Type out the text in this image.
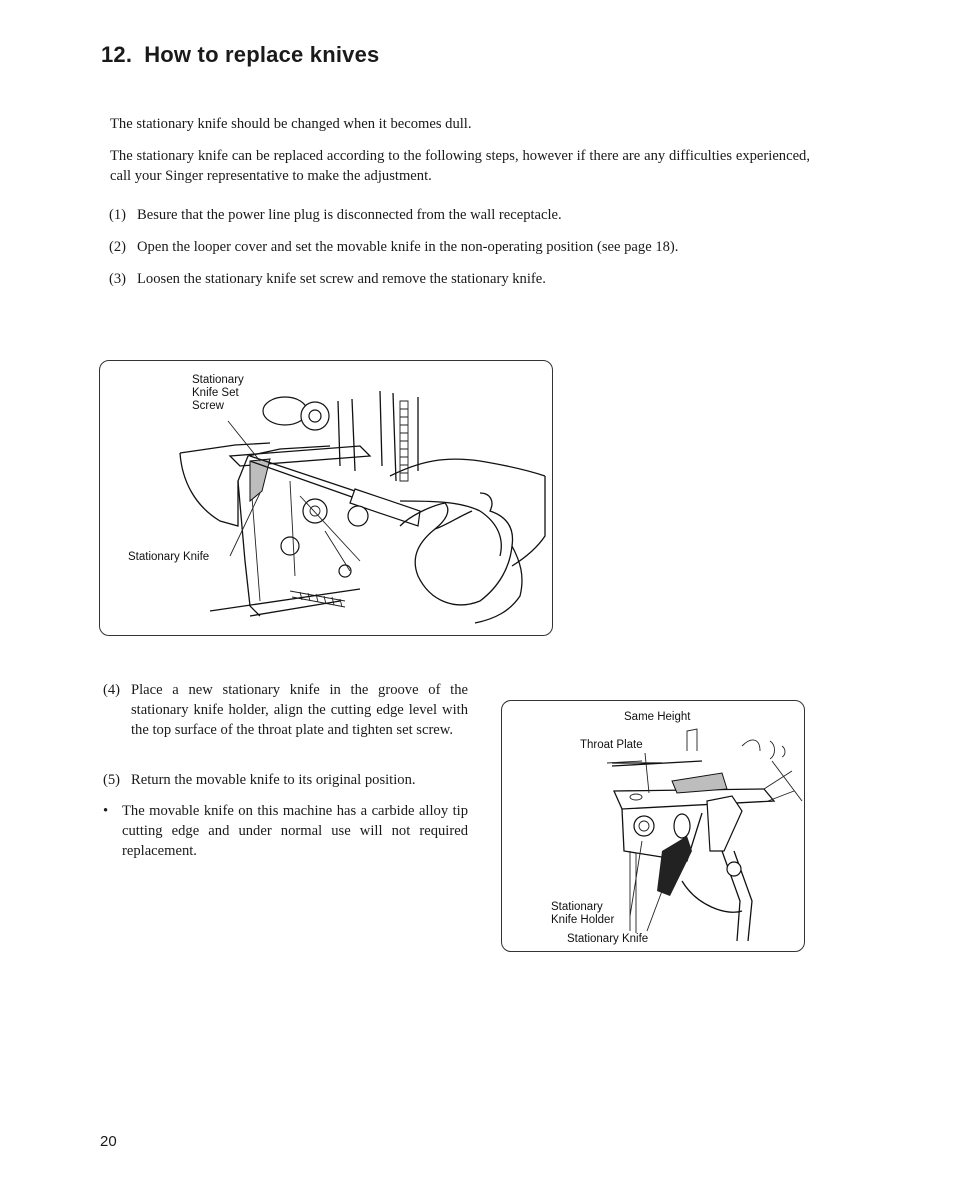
12. How to replace knives
The stationary knife should be changed when it becomes dull.
The stationary knife can be replaced according to the following steps, however if there are any difficulties experienced, call your Singer representative to make the adjustment.
(1) Besure that the power line plug is disconnected from the wall receptacle.
(2) Open the looper cover and set the movable knife in the non-operating position (see page 18).
(3) Loosen the stationary knife set screw and remove the stationary knife.
Stationary
Knife Set
Screw
Stationary Knife
(4) Place a new stationary knife in the groove of the stationary knife holder, align the cutting edge level with the top surface of the throat plate and tighten set screw.
(5) Return the movable knife to its original position.
• The movable knife on this machine has a carbide alloy tip cutting edge and under normal use will not required replacement.
Same Height
Throat Plate
Stationary
Knife Holder
Stationary Knife
20
